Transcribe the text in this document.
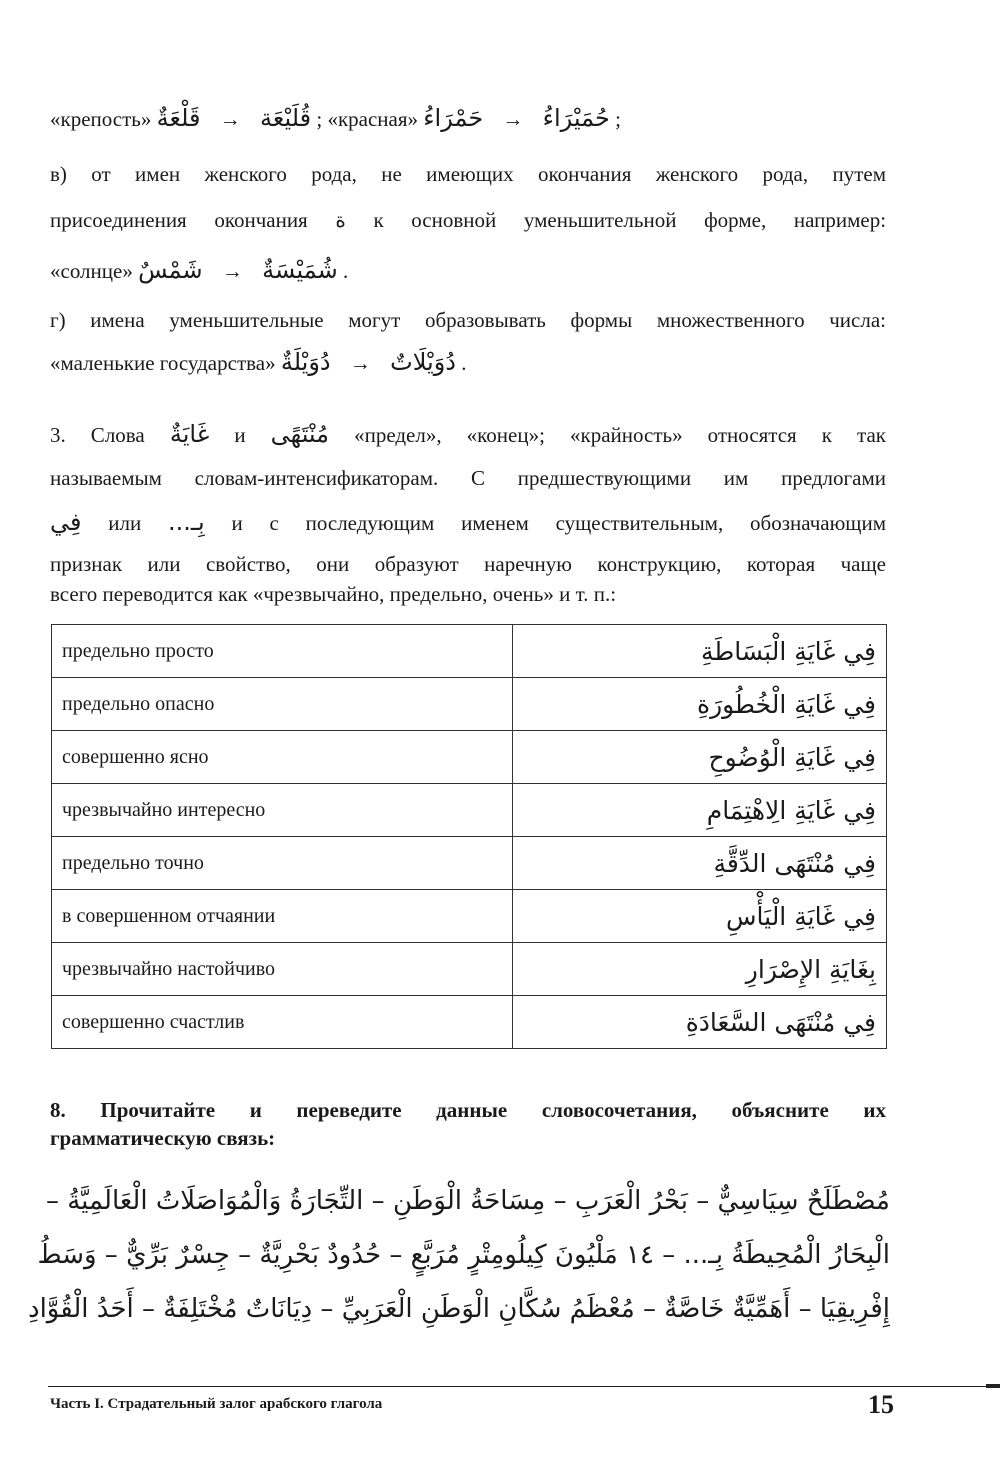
«крепость» قَلْعَةٌ → قُلَيْعَة ; «красная» حَمْرَاءُ → حُمَيْرَاءُ ;
в) от имен женского рода, не имеющих окончания женского рода, путем
присоединения окончания ة к основной уменьшительной форме, например:
«солнце» شَمْسٌ → شُمَيْسَةٌ .
г) имена уменьшительные могут образовывать формы множественного числа:
«маленькие государства» دُوَيْلَةٌ → دُوَيْلَاتٌ .
3. Слова غَايَةٌ и مُنْتَهًى «предел», «конец»; «крайность» относятся к так
называемым словам-интенсификаторам. С предшествующими им предлогами
فِي или بِـ... и с последующим именем существительным, обозначающим
признак или свойство, они образуют наречную конструкцию, которая чаще
всего переводится как «чрезвычайно, предельно, очень» и т. п.:
предельно просто	فِي غَايَةِ الْبَسَاطَةِ
предельно опасно	فِي غَايَةِ الْخُطُورَةِ
совершенно ясно	فِي غَايَةِ الْوُضُوحِ
чрезвычайно интересно	فِي غَايَةِ الِاهْتِمَامِ
предельно точно	فِي مُنْتَهَى الدِّقَّةِ
в совершенном отчаянии	فِي غَايَةِ الْيَأْسِ
чрезвычайно настойчиво	بِغَايَةِ الإِصْرَارِ
совершенно счастлив	فِي مُنْتَهَى السَّعَادَةِ
8. Прочитайте и переведите данные словосочетания, объясните их
грамматическую связь:
مُصْطَلَحٌ سِيَاسِيٌّ – بَحْرُ الْعَرَبِ – مِسَاحَةُ الْوَطَنِ – التِّجَارَةُ وَالْمُوَاصَلَاتُ الْعَالَمِيَّةُ –
الْبِحَارُ الْمُحِيطَةُ بِـ... – ١٤ مَلْيُونَ كِيلُومِتْرٍ مُرَبَّعٍ – حُدُودٌ بَحْرِيَّةٌ – جِسْرٌ بَرِّيٌّ – وَسَطُ
إِفْرِيقِيَا – أَهَمِّيَّةٌ خَاصَّةٌ – مُعْظَمُ سُكَّانِ الْوَطَنِ الْعَرَبِيِّ – دِيَانَاتٌ مُخْتَلِفَةٌ – أَحَدُ الْقُوَّادِ
Часть I. Страдательный залог арабского глагола	15
